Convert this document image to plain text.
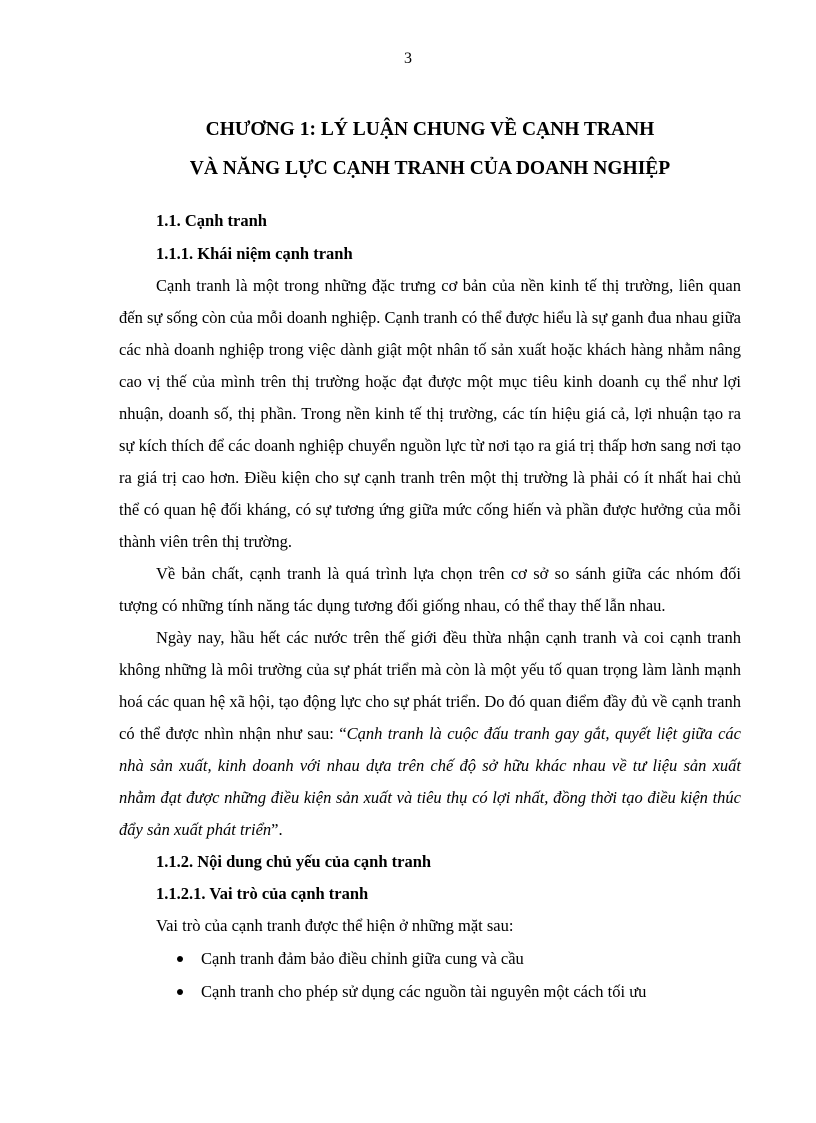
3
CHƯƠNG 1: LÝ LUẬN CHUNG VỀ CẠNH TRANH
VÀ NĂNG LỰC CẠNH TRANH CỦA DOANH NGHIỆP

1.1. Cạnh tranh

1.1.1. Khái niệm cạnh tranh

Cạnh tranh là một trong những đặc trưng cơ bản của nền kinh tế thị trường, liên quan đến sự sống còn của mỗi doanh nghiệp. Cạnh tranh có thể được hiểu là sự ganh đua nhau giữa các nhà doanh nghiệp trong việc dành giật một nhân tố sản xuất hoặc khách hàng nhằm nâng cao vị thế của mình trên thị trường hoặc đạt được một mục tiêu kinh doanh cụ thể như lợi nhuận, doanh số, thị phần. Trong nền kinh tế thị trường, các tín hiệu giá cả, lợi nhuận tạo ra sự kích thích để các doanh nghiệp chuyển nguồn lực từ nơi tạo ra giá trị thấp hơn sang nơi tạo ra giá trị cao hơn. Điều kiện cho sự cạnh tranh trên một thị trường là phải có ít nhất hai chủ thể có quan hệ đối kháng, có sự tương ứng giữa mức cống hiến và phần được hưởng của mỗi thành viên trên thị trường.

Về bản chất, cạnh tranh là quá trình lựa chọn trên cơ sở so sánh giữa các nhóm đối tượng có những tính năng tác dụng tương đối giống nhau, có thể thay thế lẫn nhau.

Ngày nay, hầu hết các nước trên thế giới đều thừa nhận cạnh tranh và coi cạnh tranh không những là môi trường của sự phát triển mà còn là một yếu tố quan trọng làm lành mạnh hoá các quan hệ xã hội, tạo động lực cho sự phát triển. Do đó quan điểm đầy đủ về cạnh tranh có thể được nhìn nhận như sau: “Cạnh tranh là cuộc đấu tranh gay gắt, quyết liệt giữa các nhà sản xuất, kinh doanh với nhau dựa trên chế độ sở hữu khác nhau về tư liệu sản xuất nhằm đạt được những điều kiện sản xuất và tiêu thụ có lợi nhất, đồng thời tạo điều kiện thúc đẩy sản xuất phát triển”.

1.1.2. Nội dung chủ yếu của cạnh tranh

1.1.2.1. Vai trò của cạnh tranh

Vai trò của cạnh tranh được thể hiện ở những mặt sau:

Cạnh tranh đảm bảo điều chỉnh giữa cung và cầu
Cạnh tranh cho phép sử dụng các nguồn tài nguyên một cách tối ưu
